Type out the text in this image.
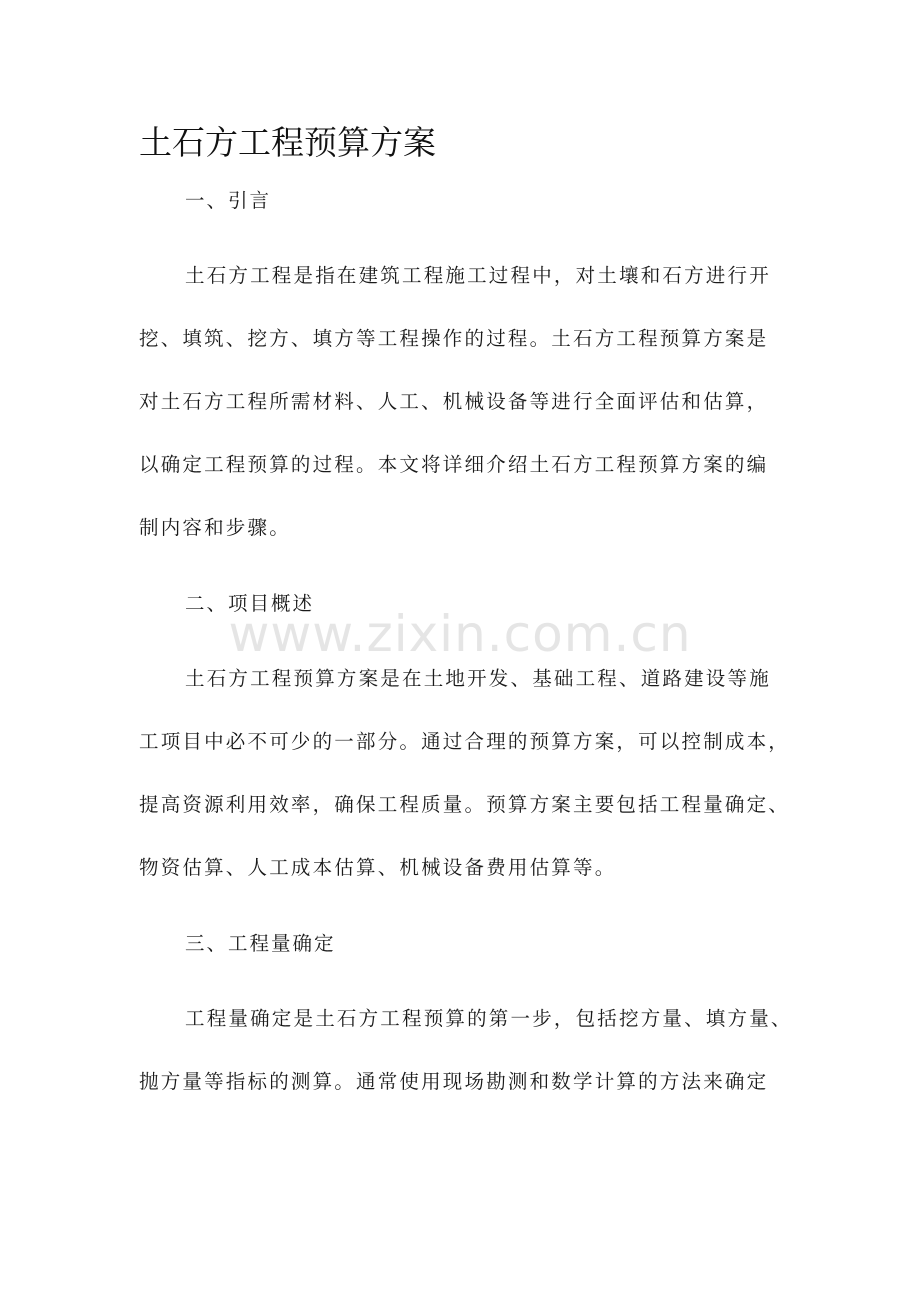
土石方工程预算方案

一、引言

土石方工程是指在建筑工程施工过程中，对土壤和石方进行开

挖、填筑、挖方、填方等工程操作的过程。土石方工程预算方案是

对土石方工程所需材料、人工、机械设备等进行全面评估和估算，

以确定工程预算的过程。本文将详细介绍土石方工程预算方案的编

制内容和步骤。

二、项目概述

土石方工程预算方案是在土地开发、基础工程、道路建设等施

工项目中必不可少的一部分。通过合理的预算方案，可以控制成本，

提高资源利用效率，确保工程质量。预算方案主要包括工程量确定、

物资估算、人工成本估算、机械设备费用估算等。

三、工程量确定

工程量确定是土石方工程预算的第一步，包括挖方量、填方量、

抛方量等指标的测算。通常使用现场勘测和数学计算的方法来确定

www.zixin.com.cn
